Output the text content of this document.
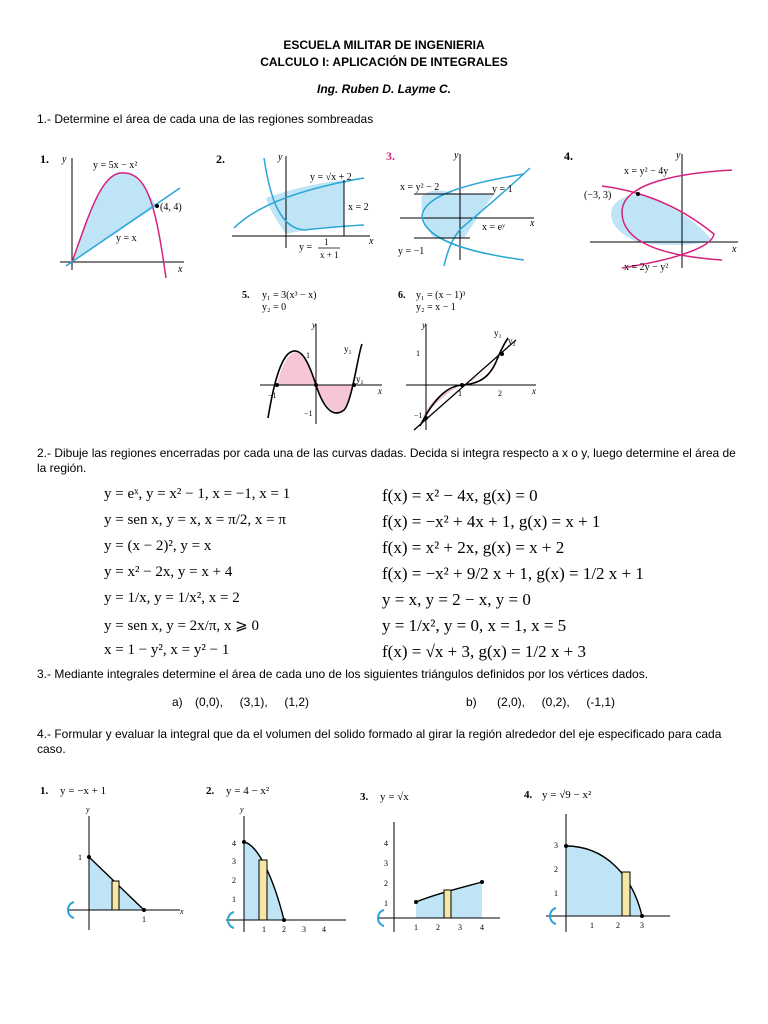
ESCUELA MILITAR DE INGENIERIA
CALCULO I: APLICACIÓN DE INTEGRALES
Ing. Ruben D. Layme C.
1.- Determine el área de cada una de las regiones sombreadas
1.	y = 5x − x²
(4, 4)
y = x
x
y	2.
y = √x + 2
x = 2
y = 1
x + 1
x
y	3.
x = y² − 2	y = 1
x = eʸ
y = −1
x
y	4.
x = y² − 4y
(−3, 3)
x = 2y − y²
x
y
5. y₁ = 3(x³ − x)
y₂ = 0
y₁
y₂
1
−1
−1
x
y
6. y₁ = (x − 1)³
y₂ = x − 1
y₂
y₁
1	2
1
−1
x
y
2.- Dibuje las regiones encerradas por cada una de las curvas dadas. Decida si integra respecto a x o y, luego determine el área de la región.
y = eˣ, y = x² − 1, x = −1, x = 1
y = sen x, y = x, x = π/2, x = π
y = (x − 2)², y = x
y = x² − 2x, y = x + 4
y = 1/x, y = 1/x², x = 2
y = sen x, y = 2x/π, x ⩾ 0
x = 1 − y², x = y² − 1
f(x) = x² − 4x, g(x) = 0
f(x) = −x² + 4x + 1, g(x) = x + 1
f(x) = x² + 2x, g(x) = x + 2
f(x) = −x² + 9/2 x + 1, g(x) = 1/2 x + 1
y = x, y = 2 − x, y = 0
y = 1/x², y = 0, x = 1, x = 5
f(x) = √x + 3, g(x) = 1/2 x + 3
3.- Mediante integrales determine el área de cada uno de los siguientes triángulos definidos por los vértices dados.
a) (0,0),     (3,1),     (1,2)	b) (2,0),     (0,2),     (-1,1)
4.- Formular y evaluar la integral que da el volumen del solido formado al girar la región alrededor del eje especificado para cada caso.
1. y = −x + 1
1
1
x
y
2. y = 4 − x²
4
3
2
1
1 2 3 4
y
3. y = √x
4
3
2
1
1 2 3 4
4. y = √9 − x²
3
2
1
1	2	3
